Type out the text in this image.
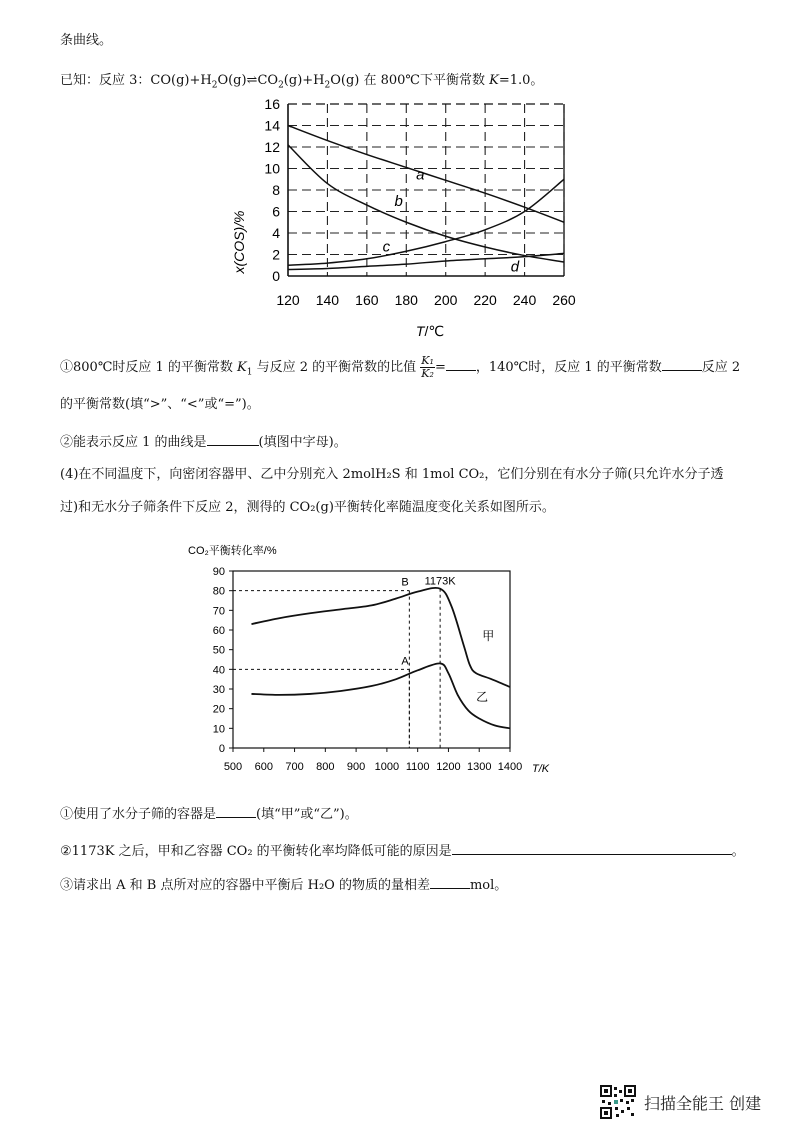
条曲线。
已知：反应 3：$CO(g)+H_2O(g)\rightleftharpoons CO_2(g)+H_2O(g)$ 在 800℃下平衡常数 K=1.0。
0
2
4
6
8
10
12
14
16
120 140 160 180 200 220 240 260
a
b
c
d
x(COS)/%
T/℃
①800℃时反应 1 的平衡常数 $K_1$ 与反应 2 的平衡常数的比值 $\frac{\text{K₁}}{\text{K₂}}$ = ，140℃时，反应 1 的平衡常数	反应 2
的平衡常数(填“>”、“<”或“=”)。
②能表示反应 1 的曲线是	(填图中字母)。
(4)在不同温度下，向密闭容器甲、乙中分别充入 2molH₂S 和 1mol CO₂，它们分别在有水分子筛(只允许水分子透
过)和无水分子筛条件下反应 2，测得的 CO₂(g)平衡转化率随温度变化关系如图所示。
CO₂平衡转化率/%
0
10
20
30
40
50
60
70
80
90
500 600 700 800 900 1000 1100 1200 1300 1400
甲
乙
B
A
1173K
T/K
①使用了水分子筛的容器是	(填“甲”或“乙”)。
②1173K 之后，甲和乙容器 CO₂ 的平衡转化率均降低可能的原因是	。
③请求出 A 和 B 点所对应的容器中平衡后 H₂O 的物质的量相差	mol。
扫描全能王 创建
